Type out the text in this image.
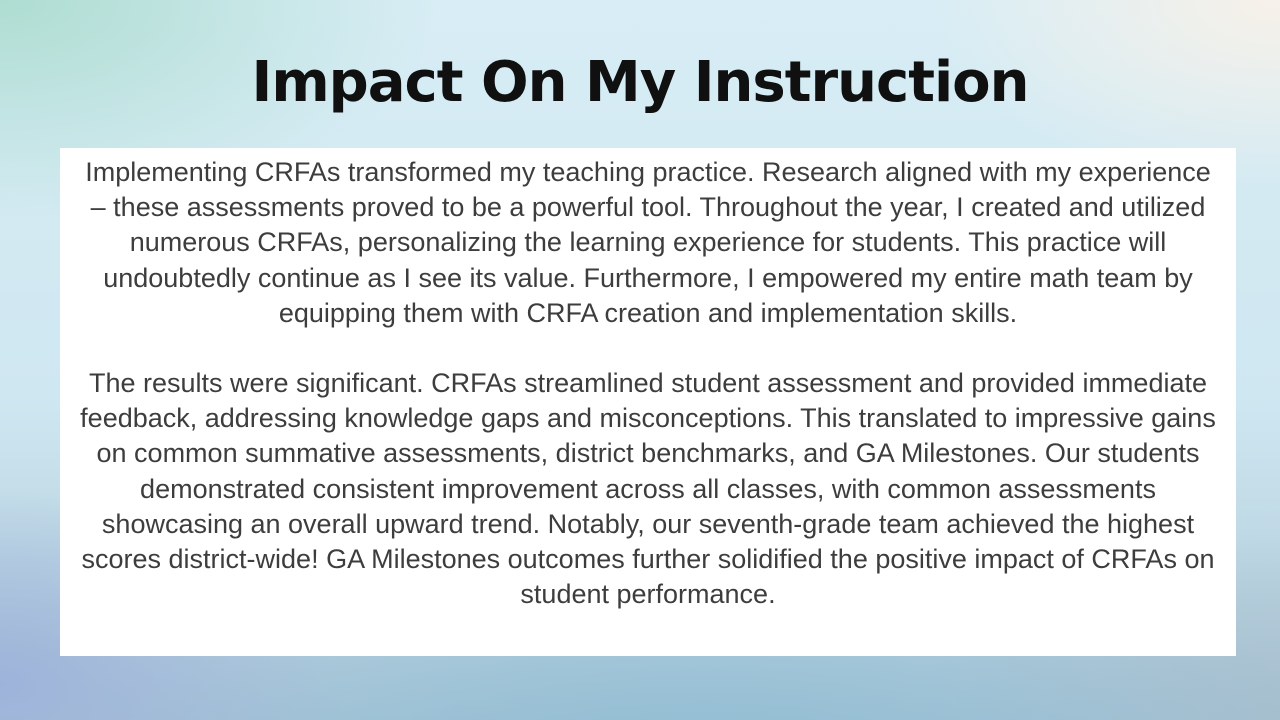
Impact On My Instruction

Implementing CRFAs transformed my teaching practice. Research aligned with my experience – these assessments proved to be a powerful tool. Throughout the year, I created and utilized numerous CRFAs, personalizing the learning experience for students. This practice will undoubtedly continue as I see its value. Furthermore, I empowered my entire math team by equipping them with CRFA creation and implementation skills.

The results were significant. CRFAs streamlined student assessment and provided immediate feedback, addressing knowledge gaps and misconceptions. This translated to impressive gains on common summative assessments, district benchmarks, and GA Milestones. Our students demonstrated consistent improvement across all classes, with common assessments showcasing an overall upward trend. Notably, our seventh-grade team achieved the highest scores district-wide! GA Milestones outcomes further solidified the positive impact of CRFAs on student performance.
